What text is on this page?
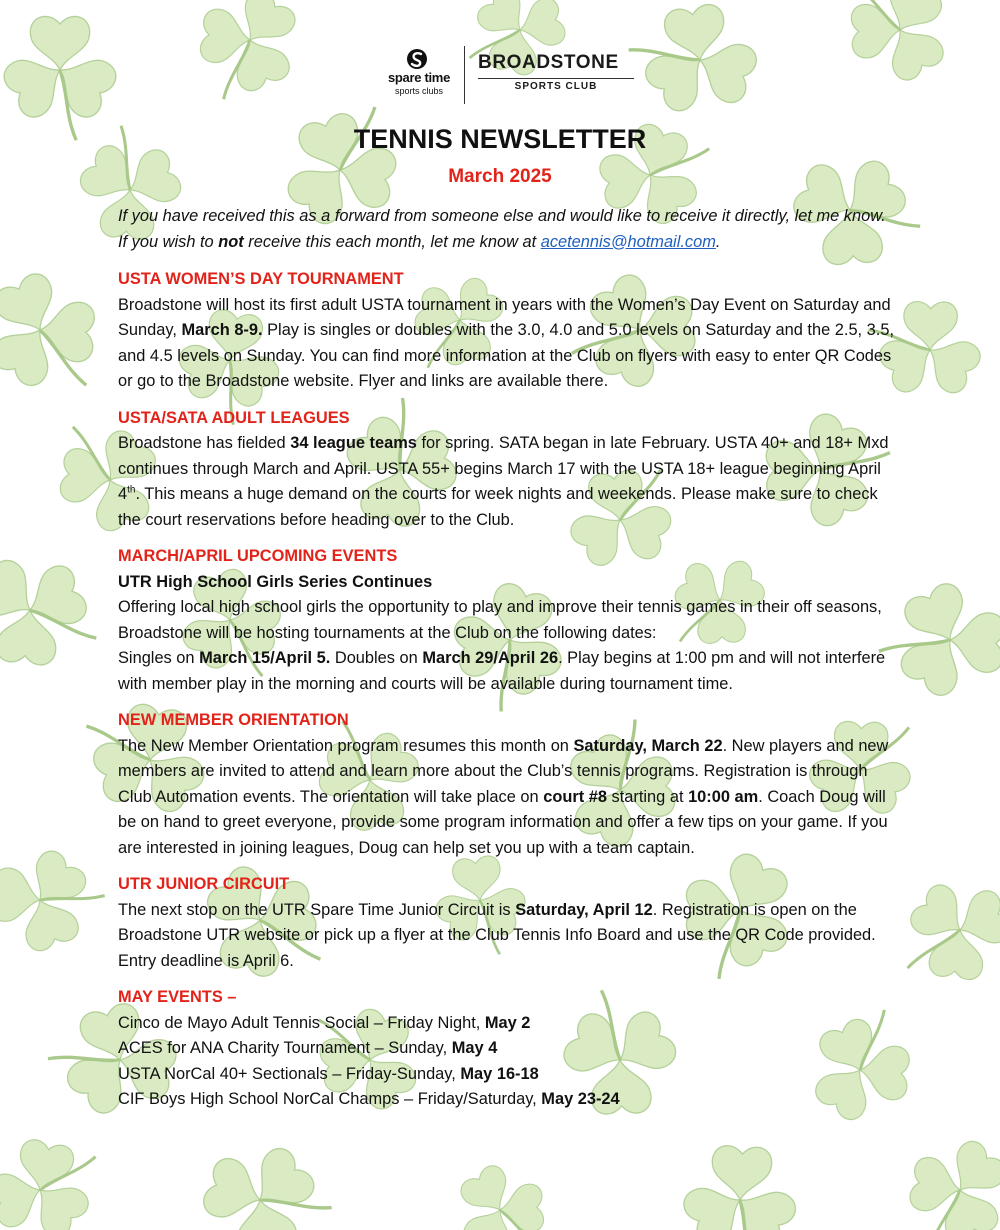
spare time
sports clubs
BROADSTONE
SPORTS CLUB
TENNIS NEWSLETTER
March 2025

If you have received this as a forward from someone else and would like to receive it directly, let me know. If you wish to not receive this each month, let me know at acetennis@hotmail.com.

USTA WOMEN’S DAY TOURNAMENT

Broadstone will host its first adult USTA tournament in years with the Women’s Day Event on Saturday and Sunday, March 8-9. Play is singles or doubles with the 3.0, 4.0 and 5.0 levels on Saturday and the 2.5, 3.5, and 4.5 levels on Sunday. You can find more information at the Club on flyers with easy to enter QR Codes or go to the Broadstone website. Flyer and links are available there.

USTA/SATA ADULT LEAGUES

Broadstone has fielded 34 league teams for spring. SATA began in late February. USTA 40+ and 18+ Mxd continues through March and April. USTA 55+ begins March 17 with the USTA 18+ league beginning April 4th. This means a huge demand on the courts for week nights and weekends. Please make sure to check the court reservations before heading over to the Club.

MARCH/APRIL UPCOMING EVENTS
UTR High School Girls Series Continues

Offering local high school girls the opportunity to play and improve their tennis games in their off seasons, Broadstone will be hosting tournaments at the Club on the following dates:

Singles on March 15/April 5. Doubles on March 29/April 26. Play begins at 1:00 pm and will not interfere with member play in the morning and courts will be available during tournament time.

NEW MEMBER ORIENTATION

The New Member Orientation program resumes this month on Saturday, March 22. New players and new members are invited to attend and learn more about the Club’s tennis programs. Registration is through Club Automation events. The orientation will take place on court #8 starting at 10:00 am. Coach Doug will be on hand to greet everyone, provide some program information and offer a few tips on your game. If you are interested in joining leagues, Doug can help set you up with a team captain.

UTR JUNIOR CIRCUIT

The next stop on the UTR Spare Time Junior Circuit is Saturday, April 12. Registration is open on the Broadstone UTR website or pick up a flyer at the Club Tennis Info Board and use the QR Code provided. Entry deadline is April 6.

MAY EVENTS –

Cinco de Mayo Adult Tennis Social – Friday Night, May 2

ACES for ANA Charity Tournament – Sunday, May 4

USTA NorCal 40+ Sectionals – Friday-Sunday, May 16-18

CIF Boys High School NorCal Champs – Friday/Saturday, May 23-24
